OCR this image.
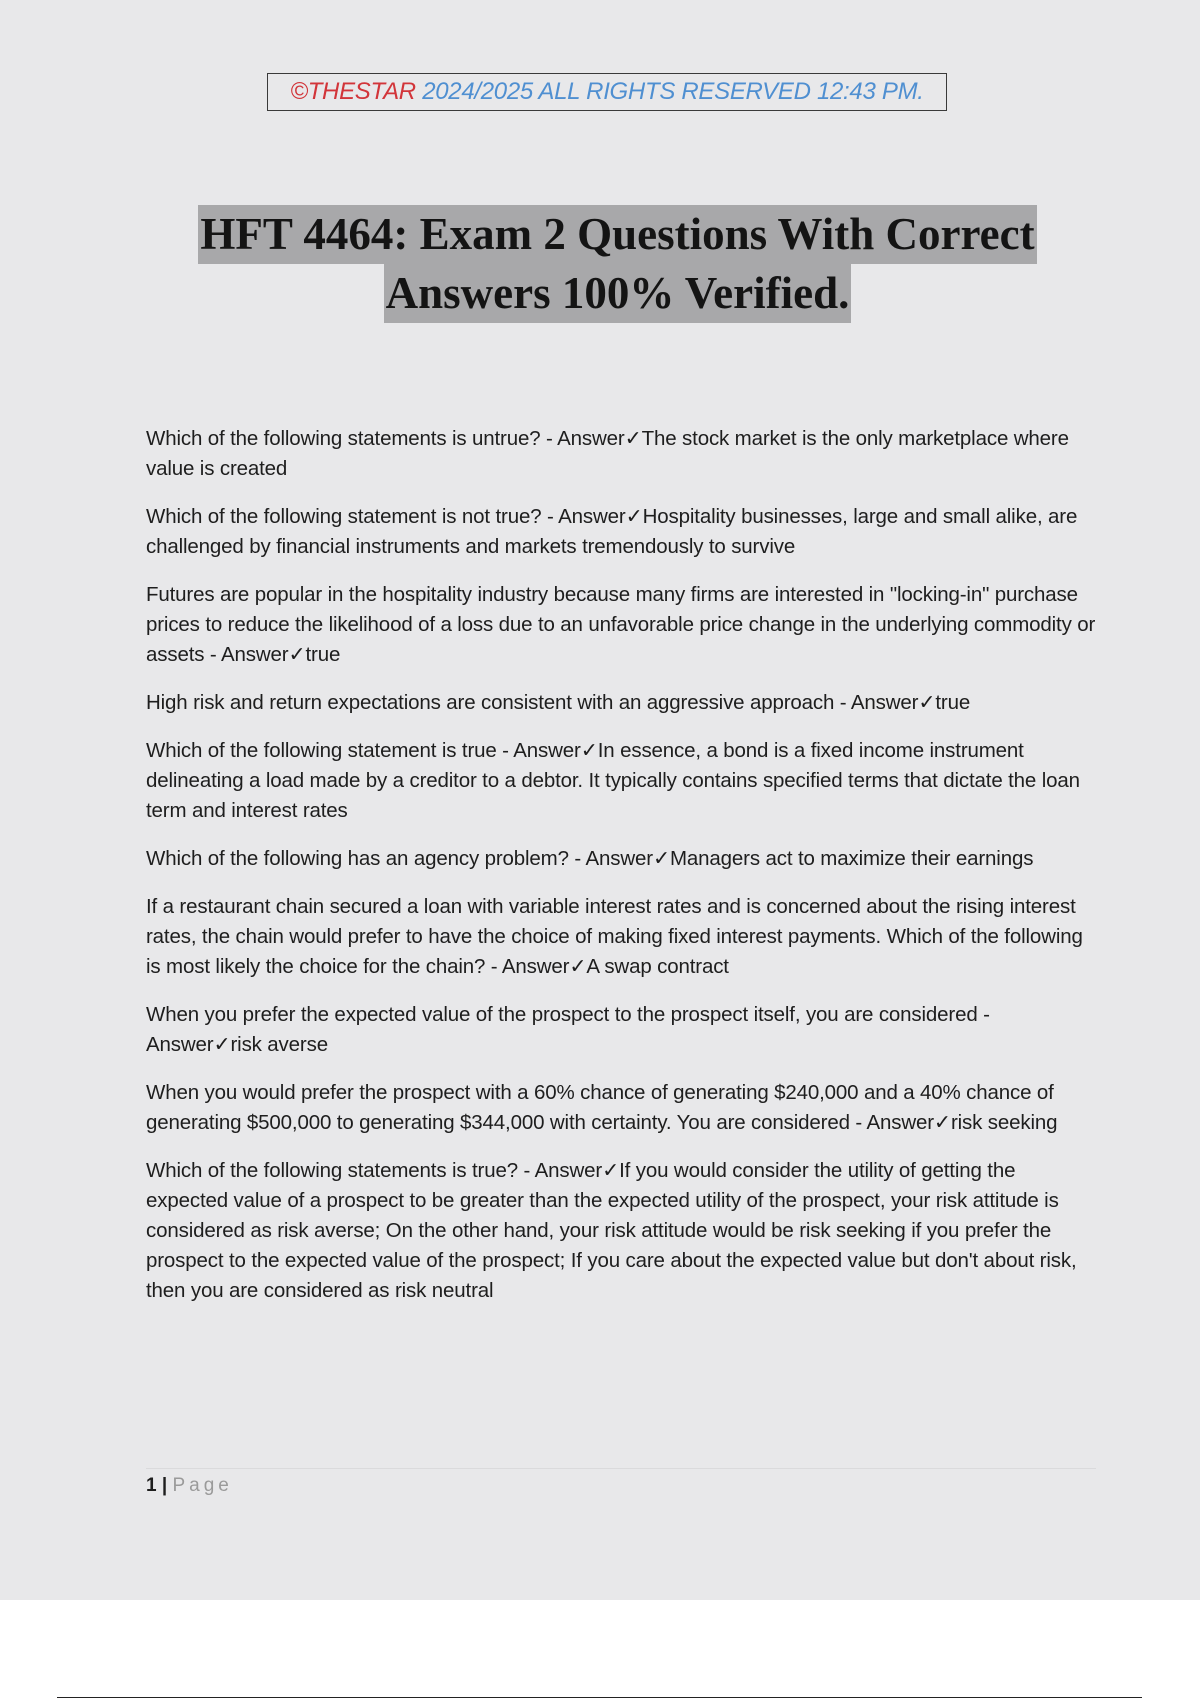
©THESTAR 2024/2025 ALL RIGHTS RESERVED 12:43 PM.
HFT 4464: Exam 2 Questions With Correct
Answers 100% Verified.

Which of the following statements is untrue? - Answer✓The stock market is the only marketplace where value is created

Which of the following statement is not true? - Answer✓Hospitality businesses, large and small alike, are challenged by financial instruments and markets tremendously to survive

Futures are popular in the hospitality industry because many firms are interested in "locking-in" purchase prices to reduce the likelihood of a loss due to an unfavorable price change in the underlying commodity or assets - Answer✓true

High risk and return expectations are consistent with an aggressive approach - Answer✓true

Which of the following statement is true - Answer✓In essence, a bond is a fixed income instrument delineating a load made by a creditor to a debtor. It typically contains specified terms that dictate the loan term and interest rates

Which of the following has an agency problem? - Answer✓Managers act to maximize their earnings

If a restaurant chain secured a loan with variable interest rates and is concerned about the rising interest rates, the chain would prefer to have the choice of making fixed interest payments. Which of the following is most likely the choice for the chain? - Answer✓A swap contract

When you prefer the expected value of the prospect to the prospect itself, you are considered - Answer✓risk averse

When you would prefer the prospect with a 60% chance of generating $240,000 and a 40% chance of generating $500,000 to generating $344,000 with certainty. You are considered - Answer✓risk seeking

Which of the following statements is true? - Answer✓If you would consider the utility of getting the expected value of a prospect to be greater than the expected utility of the prospect, your risk attitude is considered as risk averse; On the other hand, your risk attitude would be risk seeking if you prefer the prospect to the expected value of the prospect; If you care about the expected value but don't about risk, then you are considered as risk neutral

1 | Page
